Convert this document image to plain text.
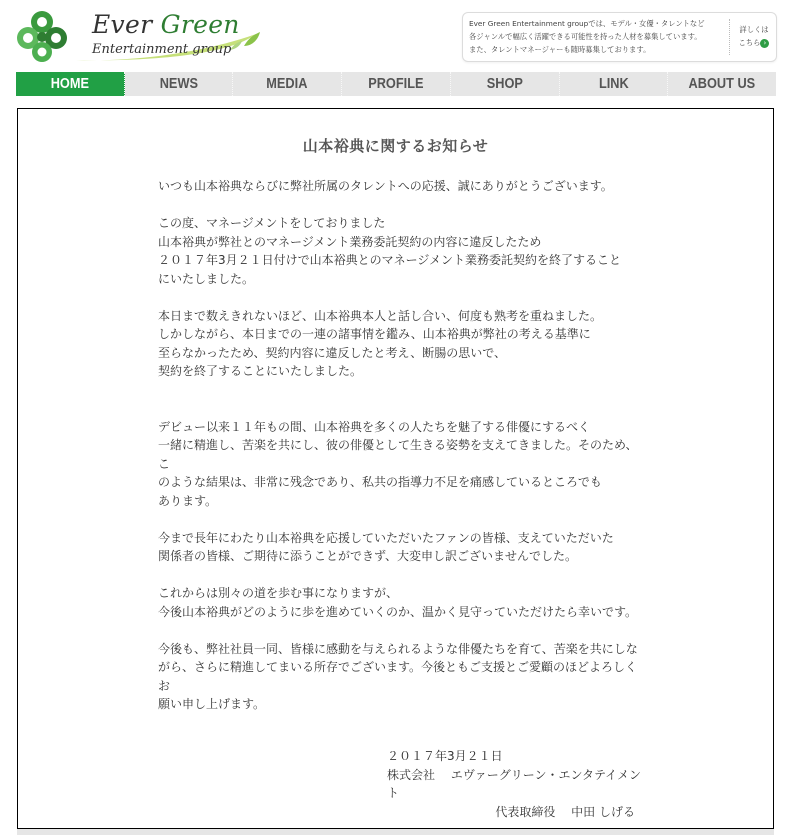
Ever Green
Entertainment group
Ever Green Entertainment groupでは、モデル・女優・タレントなど
各ジャンルで幅広く活躍できる可能性を持った人材を募集しています。
また、タレントマネージャーも随時募集しております。
詳しくは
こちら ›
HOME	NEWS	MEDIA	PROFILE	SHOP	LINK	ABOUT US
山本裕典に関するお知らせ

いつも山本裕典ならびに弊社所属のタレントへの応援、誠にありがとうございます。

この度、マネージメントをしておりました

山本裕典が弊社とのマネージメント業務委託契約の内容に違反したため

２０１７年3月２１日付けで山本裕典とのマネージメント業務委託契約を終了すること

にいたしました。

本日まで数えきれないほど、山本裕典本人と話し合い、何度も熟考を重ねました。

しかしながら、本日までの一連の諸事情を鑑み、山本裕典が弊社の考える基準に

至らなかったため、契約内容に違反したと考え、断腸の思いで、

契約を終了することにいたしました。

デビュー以来１１年もの間、山本裕典を多くの人たちを魅了する俳優にするべく

一緒に精進し、苦楽を共にし、彼の俳優として生きる姿勢を支えてきました。そのため、こ

のような結果は、非常に残念であり、私共の指導力不足を痛感しているところでも

あります。

今まで長年にわたり山本裕典を応援していただいたファンの皆様、支えていただいた

関係者の皆様、ご期待に添うことができず、大変申し訳ございませんでした。

これからは別々の道を歩む事になりますが、

今後山本裕典がどのように歩を進めていくのか、温かく見守っていただけたら幸いです。

今後も、弊社社員一同、皆様に感動を与えられるような俳優たちを育て、苦楽を共にしな

がら、さらに精進してまいる所存でございます。今後ともご支援とご愛顧のほどよろしくお

願い申し上げます。

２０１７年3月２１日
株式会社　 エヴァーグリーン・エンタテイメント
代表取締役　 中田 しげる
